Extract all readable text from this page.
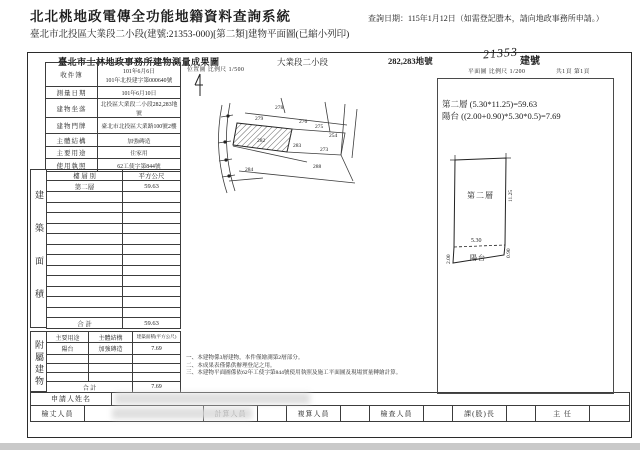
北北桃地政電傳全功能地籍資料查詢系統	查詢日期：115年1月12日（如需登記謄本，請向地政事務所申請。）
臺北市北投區大業段二小段(建號:21353-000)[第二類]建物平面圖(已縮小列印)
臺北市士林地政事務所建物測量成果圖	大業段二小段	282,283地號	21353 建號
收件簿	101年6月6日
101年北投建字第000640號

測量日期	101年6月10日
建物坐落	北投區大業段二小段282,283地號
建物門牌	臺北市北投區大業路100號2樓
主體結構	加強磚造
主要用途	住家用
使用執照	62工使字第844號
建築面積
樓 層 別	平方公尺
第二層	59.63

合 計	59.63
附屬建物
主要用途	主體結構	建築面積(平方公尺)
陽台	加強磚造	7.69

合 計		7.69
申請人姓名
檢丈人員	複算人員	檢查人員	課(股)長	主 任
位置圖 比例尺 1/500
279
278
276
275
254
282
283
273
288
284
平面圖 比例尺 1/200	共1頁 第1頁
第二層 (5.30*11.25)=59.63
陽台 ((2.00+0.90)*5.30*0.5)=7.69
第二層	11.25
5.30
陽台
2.00
0.90
一、本建物係3層建物，本件僅繪測第2層部分。
二、本成果表僅係供辦理登記之用。
三、本建物平面圖係依62年工使字第844號使用執照及施工平面圖及現場實量轉繪計算。
